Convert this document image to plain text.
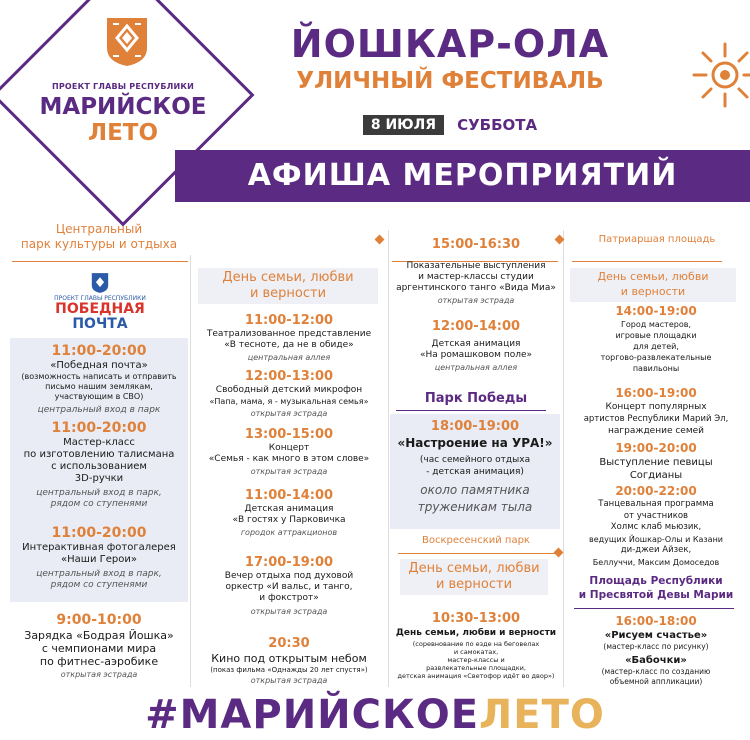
ПРОЕКТ ГЛАВЫ РЕСПУБЛИКИ
МАРИЙСКОЕ
ЛЕТО
ЙОШКАР-ОЛА
УЛИЧНЫЙ ФЕСТИВАЛЬ
8 ИЮЛЯ СУББОТА
АФИША МЕРОПРИЯТИЙ
Центральный
парк культуры и отдыха
ПРОЕКТ ГЛАВЫ РЕСПУБЛИКИ
ПОБЕДНАЯ
ПОЧТА
11:00-20:00
«Победная почта»
(возможность написать и отправить
письмо нашим землякам,
участвующим в СВО)
центральный вход в парк
11:00-20:00
Мастер-класс
по изготовлению талисмана
с использованием
3D-ручки
центральный вход в парк,
рядом со ступенями
11:00-20:00
Интерактивная фотогалерея
«Наши Герои»
центральный вход в парк,
рядом со ступенями
9:00-10:00
Зарядка «Бодрая Йошка»
с чемпионами мира
по фитнес-аэробике
открытая эстрада
День семьи, любви
и верности
11:00-12:00
Театрализованное представление
«В тесноте, да не в обиде»
центральная аллея
12:00-13:00
Свободный детский микрофон
«Папа, мама, я - музыкальная семья»
открытая эстрада
13:00-15:00
Концерт
«Семья - как много в этом слове»
открытая эстрада
11:00-14:00
Детская анимация
«В гостях у Парковичка
городок аттракционов
17:00-19:00
Вечер отдыха под духовой
оркестр «И вальс, и танго,
и фокстрот»
открытая эстрада
20:30
Кино под открытым небом
(показ фильма «Однажды 20 лет спустя»)
открытая эстрада
15:00-16:30
Показательные выступления
и мастер-классы студии
аргентинского танго «Вида Миа»
открытая эстрада
12:00-14:00
Детская анимация
«На ромашковом поле»
центральная аллея
Парк Победы
18:00-19:00
«Настроение на УРА!»
(час семейного отдыха
- детская анимация)
около памятника
труженикам тыла
Воскресенский парк
День семьи, любви
и верности
10:30-13:00
День семьи, любви и верности
(соревнование по езде на беговелах
и самокатах,
мастер-классы и
развлекательные площадки,
детская анимация «Светофор идёт во двор»)
Патриаршая площадь
День семьи, любви
и верности
14:00-19:00
Город мастеров,
игровые площадки
для детей,
торгово-развлекательные
павильоны
16:00-19:00
Концерт популярных
артистов Республики Марий Эл,
награждение семей
19:00-20:00
Выступление певицы
Согдианы
20:00-22:00
Танцевальная программа
от участников
Холмс клаб мьюзик,
ведущих Йошкар-Олы и Казани
ди-джеи Айзек,
Беллуччи, Максим Домоседов
Площадь Республики
и Пресвятой Девы Марии
16:00-18:00
«Рисуем счастье»
(мастер-класс по рисунку)
«Бабочки»
(мастер-класс по созданию
объемной аппликации)
#МАРИЙСКОЕЛЕТО
